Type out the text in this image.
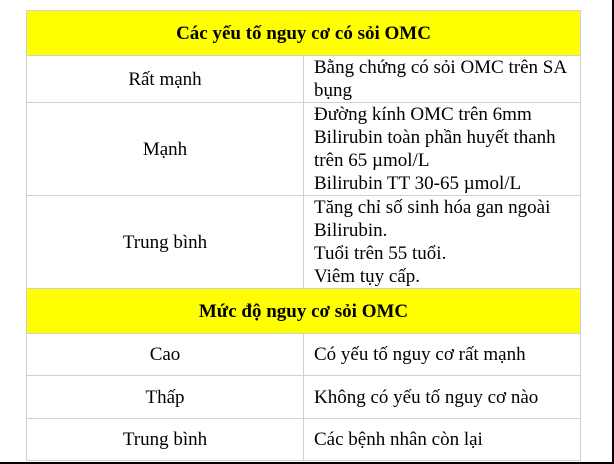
Các yếu tố nguy cơ có sỏi OMC	
Rất mạnh	Bằng chứng có sỏi OMC trên SA bụng

Mạnh	Đường kính OMC trên 6mm
Bilirubin toàn phần huyết thanh trên 65 µmol/L
Bilirubin TT 30-65 µmol/L

Trung bình	Tăng chỉ số sinh hóa gan ngoài Bilirubin.
Tuổi trên 55 tuổi.
Viêm tụy cấp.

Mức độ nguy cơ sỏi OMC	
Cao	Có yếu tố nguy cơ rất mạnh

Thấp	Không có yếu tố nguy cơ nào

Trung bình	Các bệnh nhân còn lại
